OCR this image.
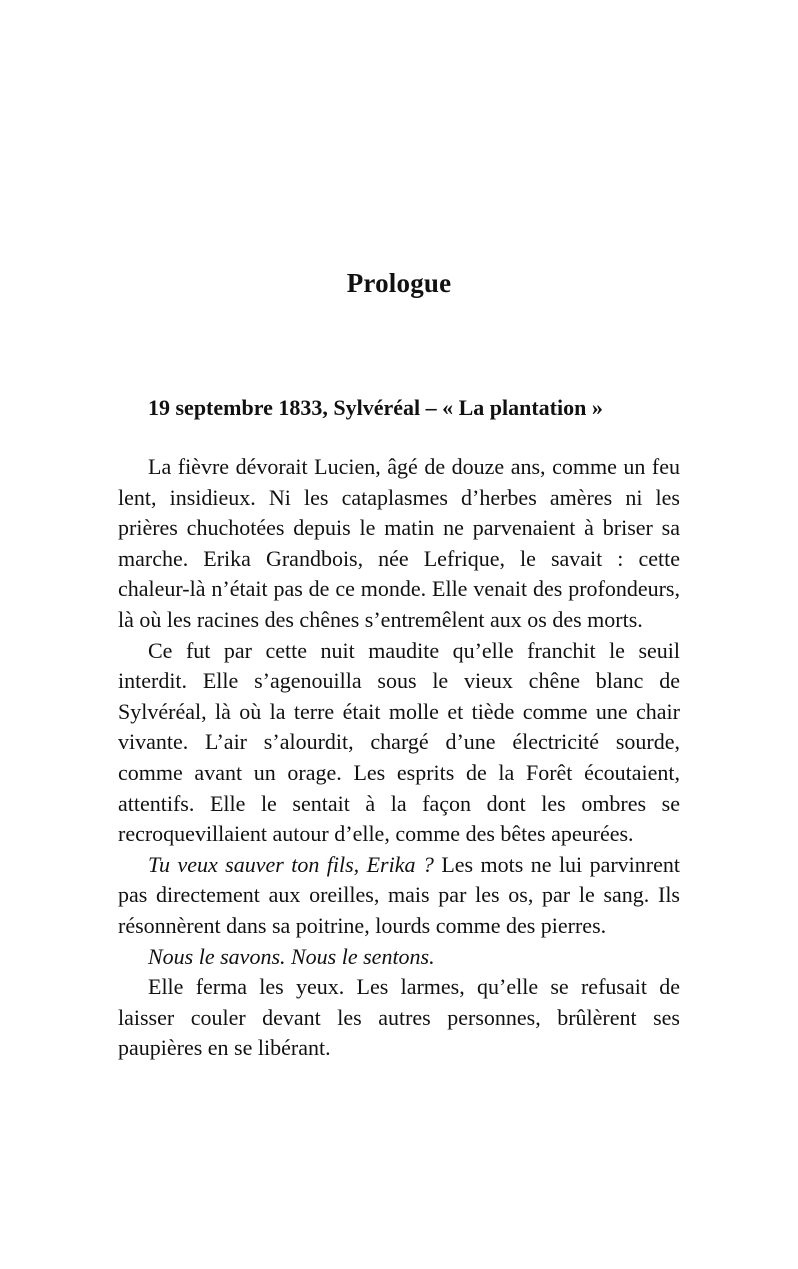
Prologue
19 septembre 1833, Sylvéréal – « La plantation »

La fièvre dévorait Lucien, âgé de douze ans, comme un feu lent, insidieux. Ni les cataplasmes d’herbes amères ni les prières chuchotées depuis le matin ne parvenaient à briser sa marche. Erika Grandbois, née Lefrique, le savait : cette chaleur-là n’était pas de ce monde. Elle venait des profondeurs, là où les racines des chênes s’entremêlent aux os des morts.

Ce fut par cette nuit maudite qu’elle franchit le seuil interdit. Elle s’agenouilla sous le vieux chêne blanc de Sylvéréal, là où la terre était molle et tiède comme une chair vivante. L’air s’alourdit, chargé d’une électricité sourde, comme avant un orage. Les esprits de la Forêt écoutaient, attentifs. Elle le sentait à la façon dont les ombres se recroquevillaient autour d’elle, comme des bêtes apeurées.

Tu veux sauver ton fils, Erika ? Les mots ne lui parvinrent pas directement aux oreilles, mais par les os, par le sang. Ils résonnèrent dans sa poitrine, lourds comme des pierres.

Nous le savons. Nous le sentons.

Elle ferma les yeux. Les larmes, qu’elle se refusait de laisser couler devant les autres personnes, brûlèrent ses paupières en se libérant.
